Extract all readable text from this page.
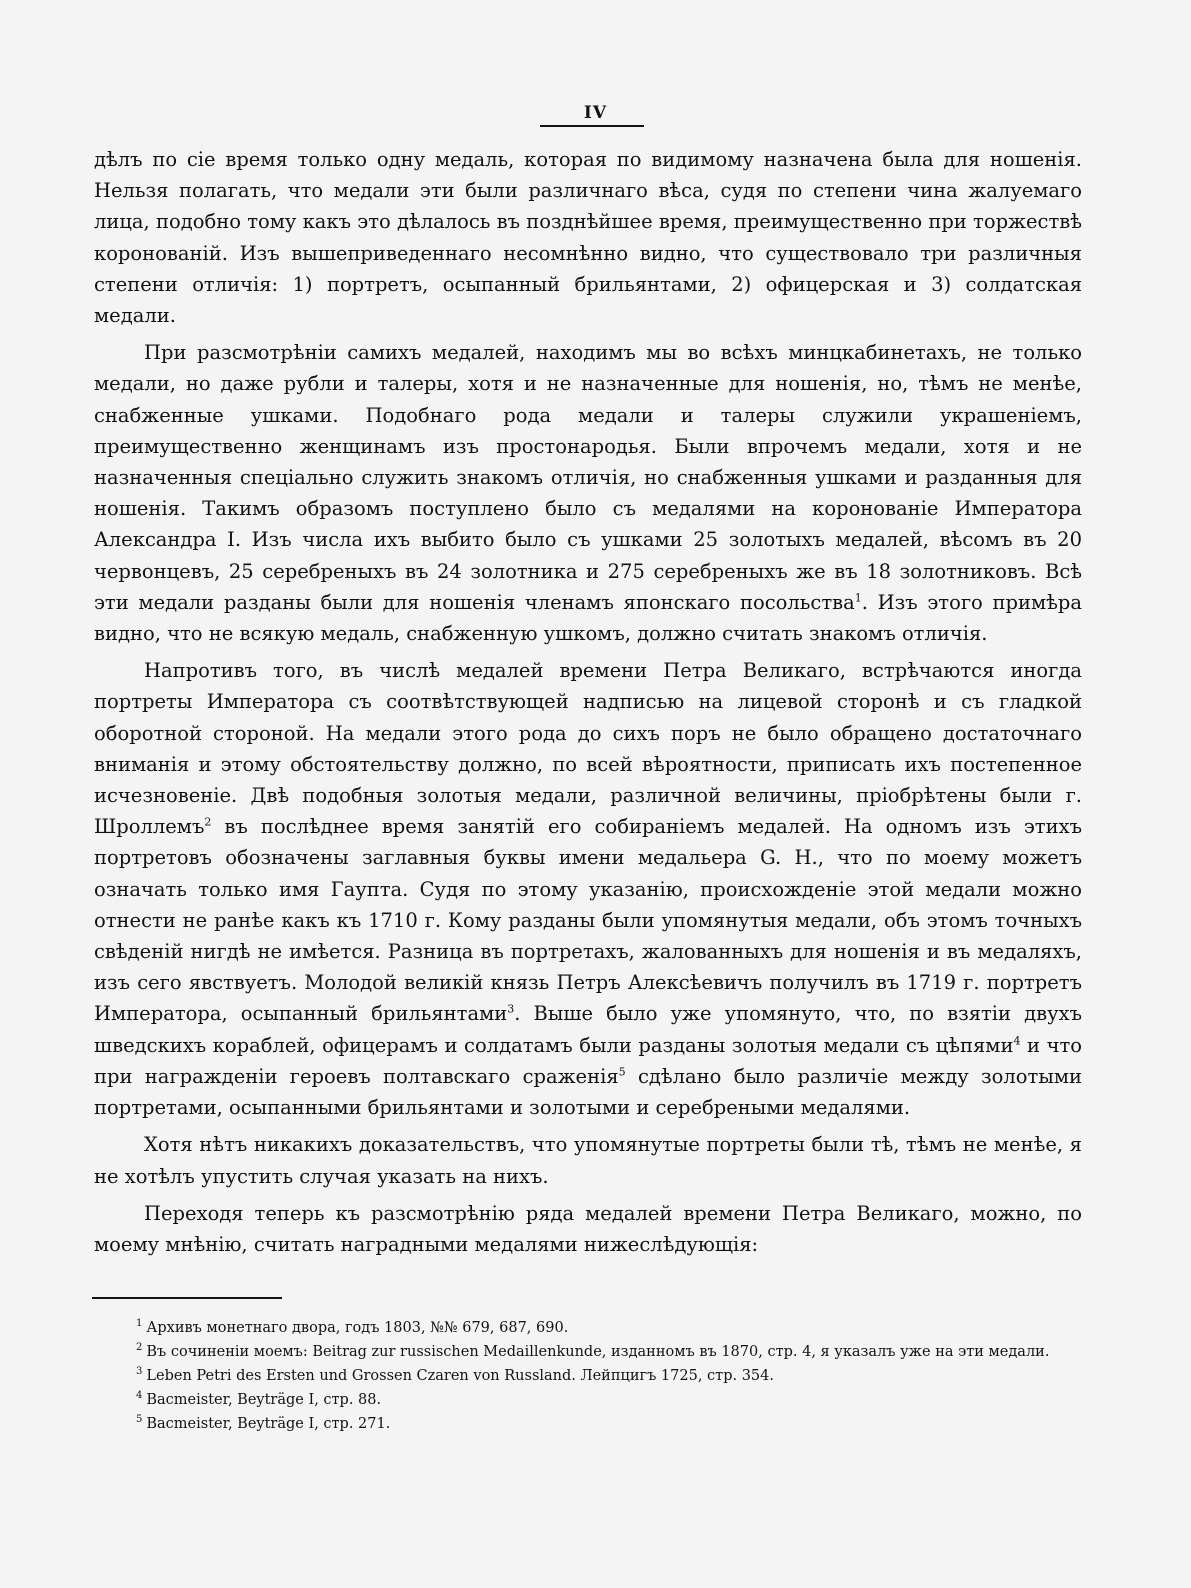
IV

дѣлъ по сіе время только одну медаль, которая по видимому назначена была для ношенія. Нельзя полагать, что медали эти были различнаго вѣса, судя по степени чина жалуемаго лица, подобно тому какъ это дѣлалось въ позднѣйшее время, преимущественно при торжествѣ коронованій. Изъ вышеприведеннаго несомнѣнно видно, что существовало три различныя степени отличія: 1) портретъ, осыпанный брильянтами, 2) офицерская и 3) солдатская медали.

При разсмотрѣніи самихъ медалей, находимъ мы во всѣхъ минцкабинетахъ, не только медали, но даже рубли и талеры, хотя и не назначенные для ношенія, но, тѣмъ не менѣе, снабженные ушками. Подобнаго рода медали и талеры служили украшеніемъ, преимущественно женщинамъ изъ простонародья. Были впрочемъ медали, хотя и не назначенныя спеціально служить знакомъ отличія, но снабженныя ушками и разданныя для ношенія. Такимъ образомъ поступлено было съ медалями на коронованіе Императора Александра I. Изъ числа ихъ выбито было съ ушками 25 золотыхъ медалей, вѣсомъ въ 20 червонцевъ, 25 серебреныхъ въ 24 золотника и 275 серебреныхъ же въ 18 золотниковъ. Всѣ эти медали разданы были для ношенія членамъ японскаго посольства$^1$. Изъ этого примѣра видно, что не всякую медаль, снабженную ушкомъ, должно считать знакомъ отличія.

Напротивъ того, въ числѣ медалей времени Петра Великаго, встрѣчаются иногда портреты Императора съ соотвѣтствующей надписью на лицевой сторонѣ и съ гладкой оборотной стороной. На медали этого рода до сихъ поръ не было обращено достаточнаго вниманія и этому обстоятельству должно, по всей вѣроятности, приписать ихъ постепенное исчезновеніе. Двѣ подобныя золотыя медали, различной величины, пріобрѣтены были г. Шроллемъ$^2$ въ послѣднее время занятій его собираніемъ медалей. На одномъ изъ этихъ портретовъ обозначены заглавныя буквы имени медальера G. H., что по моему можетъ означать только имя Гаупта. Судя по этому указанію, происхожденіе этой медали можно отнести не ранѣе какъ къ 1710 г. Кому разданы были упомянутыя медали, объ этомъ точныхъ свѣденій нигдѣ не имѣется. Разница въ портретахъ, жалованныхъ для ношенія и въ медаляхъ, изъ сего явствуетъ. Молодой великій князь Петръ Алексѣевичъ получилъ въ 1719 г. портретъ Императора, осыпанный брильянтами$^3$. Выше было уже упомянуто, что, по взятіи двухъ шведскихъ кораблей, офицерамъ и солдатамъ были разданы золотыя медали съ цѣпями$^4$ и что при награжденіи героевъ полтавскаго сраженія$^5$ сдѣлано было различіе между золотыми портретами, осыпанными брильянтами и золотыми и серебреными медалями.

Хотя нѣтъ никакихъ доказательствъ, что упомянутые портреты были тѣ, тѣмъ не менѣе, я не хотѣлъ упустить случая указать на нихъ.

Переходя теперь къ разсмотрѣнію ряда медалей времени Петра Великаго, можно, по моему мнѣнію, считать наградными медалями нижеслѣдующія:

$^1$ Архивъ монетнаго двора, годъ 1803, №№ 679, 687, 690.
$^2$ Въ сочиненіи моемъ: Beitrag zur russischen Medaillenkunde, изданномъ въ 1870, стр. 4, я указалъ уже на эти медали.
$^3$ Leben Petri des Ersten und Grossen Czaren von Russland. Лейпцигъ 1725, стр. 354.
$^4$ Bacmeister, Beyträge I, стр. 88.
$^5$ Bacmeister, Beyträge I, стр. 271.
